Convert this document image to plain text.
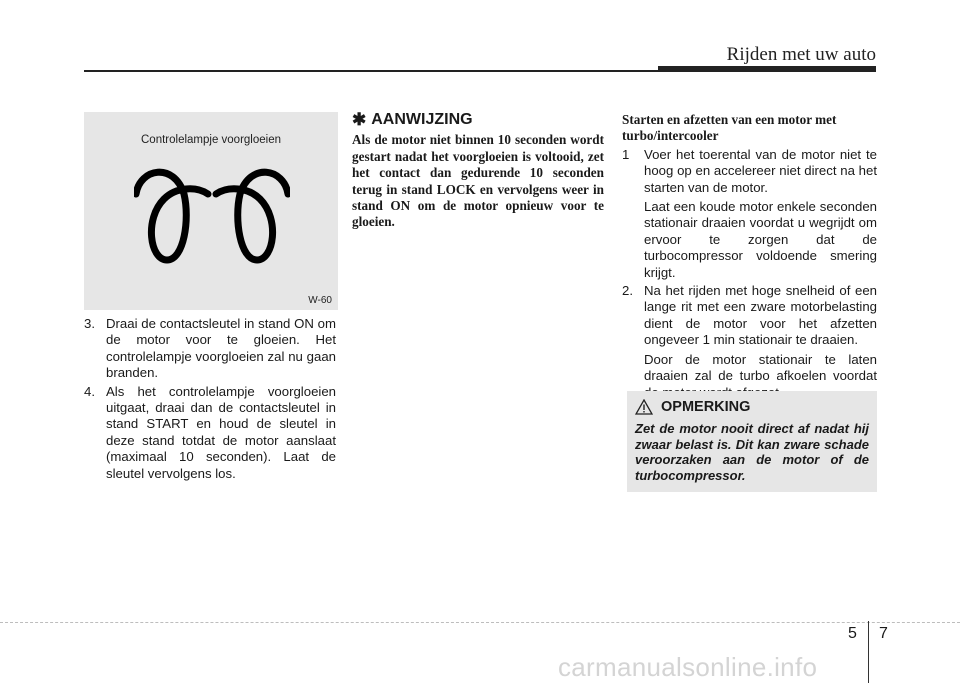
Rijden met uw auto
Controlelampje voorgloeien
W-60
3. Draai de contactsleutel in stand ON om de motor voor te gloeien. Het controlelampje voorgloeien zal nu gaan branden.
4. Als het controlelampje voorgloeien uitgaat, draai dan de contactsleutel in stand START en houd de sleutel in deze stand totdat de motor aanslaat (maximaal 10 seconden). Laat de sleutel vervolgens los.
✱ AANWIJZING
Als de motor niet binnen 10 seconden wordt gestart nadat het voorgloeien is voltooid, zet het contact dan gedurende 10 seconden terug in stand LOCK en vervolgens weer in stand ON om de motor opnieuw voor te gloeien.
Starten en afzetten van een motor met turbo/intercooler
1	Voer het toerental van de motor niet te hoog op en accelereer niet direct na het starten van de motor.
Laat een koude motor enkele seconden stationair draaien voordat u wegrijdt om ervoor te zorgen dat de turbocompressor voldoende smering krijgt.
2. Na het rijden met hoge snelheid of een lange rit met een zware motorbelasting dient de motor voor het afzetten ongeveer 1 min stationair te draaien.
Door de motor stationair te laten draaien zal de turbo afkoelen voordat
OPMERKING
Zet de motor nooit direct af nadat hij zwaar belast is. Dit kan zware schade veroorzaken aan de motor of de turbocompressor.
5 7
carmanualsonline.info
